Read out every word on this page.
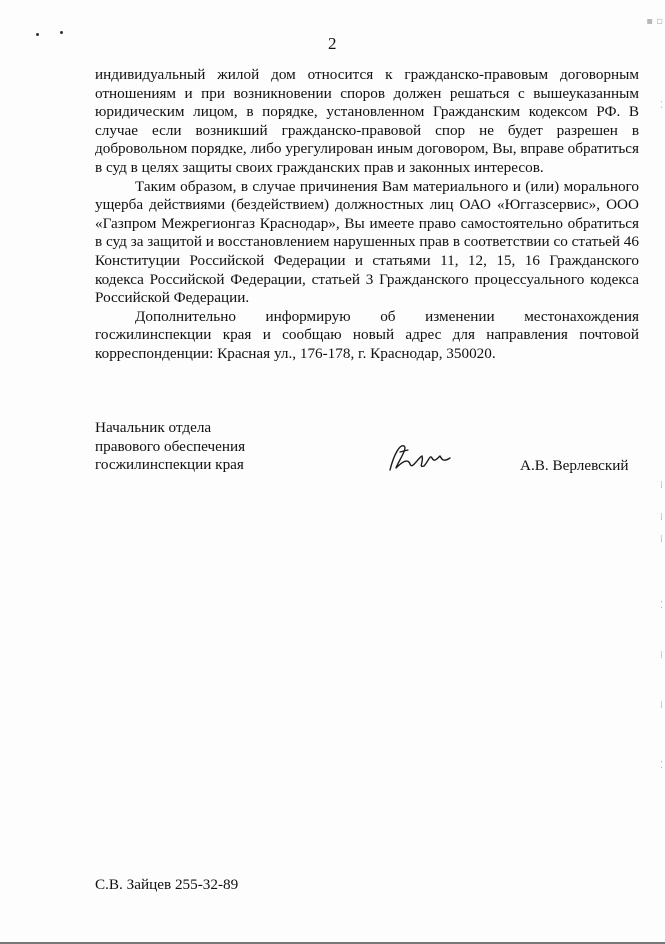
2

индивидуальный жилой дом относится к гражданско-правовым договорным отношениям и при возникновении споров должен решаться с вышеуказанным юридическим лицом, в порядке, установленном Гражданским кодексом РФ. В случае если возникший гражданско-правовой спор не будет разрешен в добровольном порядке, либо урегулирован иным договором, Вы, вправе обратиться в суд в целях защиты своих гражданских прав и законных интересов.

Таким образом, в случае причинения Вам материального и (или) морального ущерба действиями (бездействием) должностных лиц ОАО «Юггазсервис», ООО «Газпром Межрегионгаз Краснодар», Вы имеете право самостоятельно обратиться в суд за защитой и восстановлением нарушенных прав в соответствии со статьей 46 Конституции Российской Федерации и статьями 11, 12, 15, 16 Гражданского кодекса Российской Федерации, статьей 3 Гражданского процессуального кодекса Российской Федерации.

Дополнительно информирую об изменении местонахождения госжилинспекции края и сообщаю новый адрес для направления почтовой корреспонденции: Красная ул., 176-178, г. Краснодар, 350020.

Начальник отдела
правового обеспечения
госжилинспекции края	А.В. Верлевский
С.В. Зайцев 255-32-89
▪ ▫
⁚
⁞
⁞
⁞
⁚
⁞
⁞
⁚
